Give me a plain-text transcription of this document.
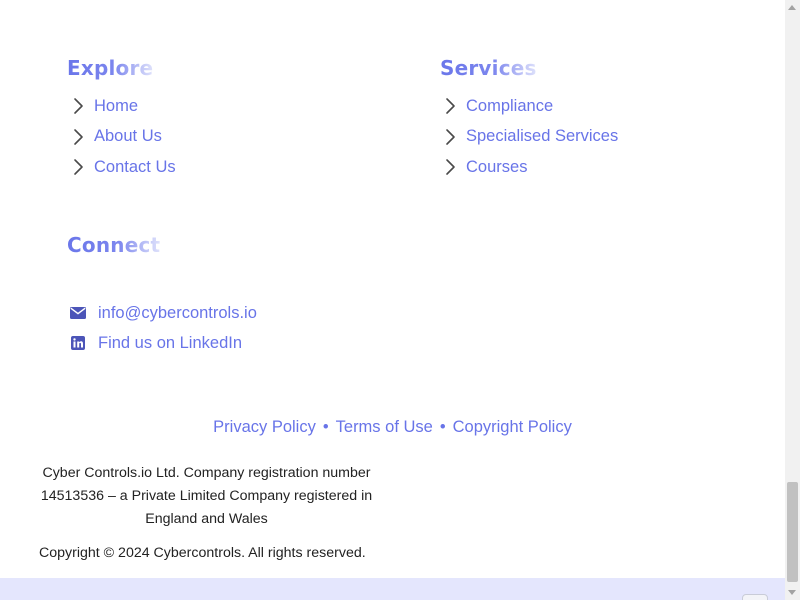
Explore
Home
About Us
Contact Us
Services
Compliance
Specialised Services
Courses
Connect
info@cybercontrols.io
Find us on LinkedIn
Privacy Policy • Terms of Use • Copyright Policy
Cyber Controls.io Ltd. Company registration number 14513536 – a Private Limited Company registered in England and Wales
Copyright © 2024 Cybercontrols. All rights reserved.
